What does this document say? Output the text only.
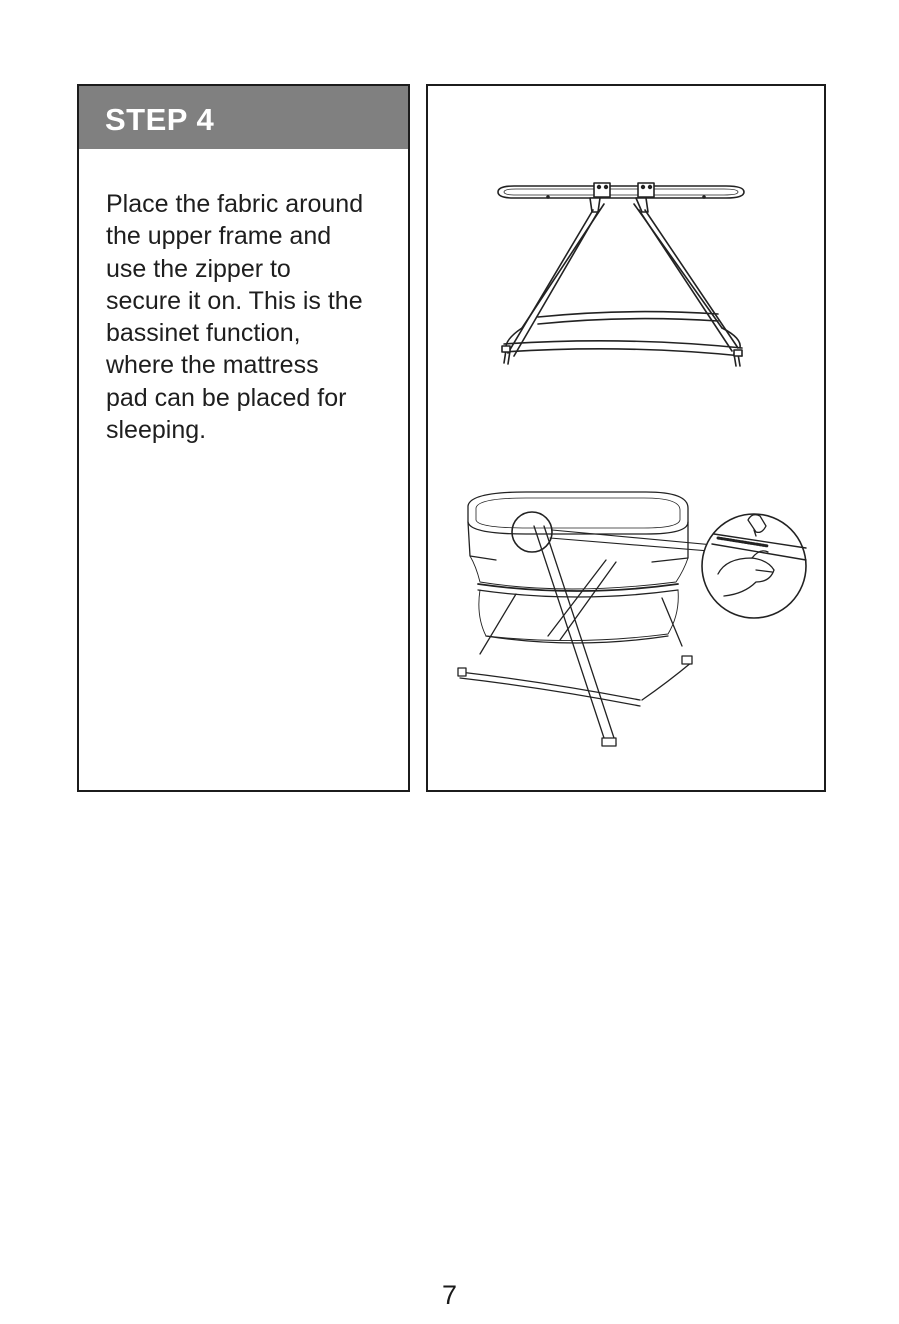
STEP 4
Place the fabric around
the upper frame and
use the zipper to
secure it on. This is the
bassinet function,
where the mattress
pad can be placed for
sleeping.
7
